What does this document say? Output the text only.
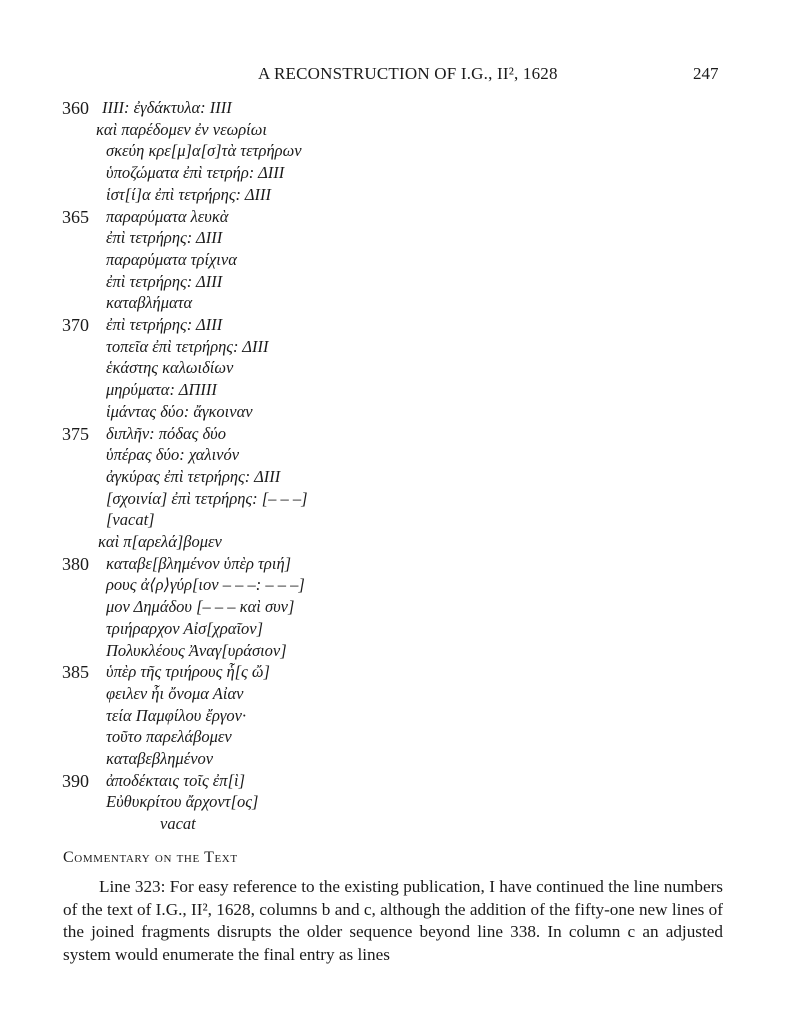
A RECONSTRUCTION OF I.G., II², 1628	247
360 ΙΙΙΙ: ἐγδάκτυλα: ΙΙΙΙ
καὶ παρέδομεν ἐν νεωρίωι
σκεύη κρε[μ]α[σ]τὰ τετρήρων
ὑποζώματα ἐπὶ τετρήρ: ΔΙΙΙ
ἱστ[ί]α ἐπὶ τετρήρης: ΔΙΙΙ
365 παραρύματα λευκὰ
ἐπὶ τετρήρης: ΔΙΙΙ
παραρύματα τρίχινα
ἐπὶ τετρήρης: ΔΙΙΙ
καταβλήματα
370 ἐπὶ τετρήρης: ΔΙΙΙ
τοπεῖα ἐπὶ τετρήρης: ΔΙΙΙ
ἑκάστης καλωιδίων
μηρύματα: ΔΠΙΙΙ
ἱμάντας δύο: ἄγκοιναν
375 διπλῆν: πόδας δύο
ὑπέρας δύο: χαλινόν
ἀγκύρας ἐπὶ τετρήρης: ΔΙΙΙ
[σχοινία] ἐπὶ τετρήρης: [– – –]
[vacat]
καὶ π[αρελά]βομεν
380 καταβε[βλημένον ὑπὲρ τριή]
ρους ἀ⟨ρ⟩γύρ[ιον – – –: – – –]
μον Δημάδου [– – – καὶ συν]
τριήραρχον Αἰσ[χραῖον]
Πολυκλέους Ἀναγ[υράσιον]
385 ὑπὲρ τῆς τριήρους ἧ[ς ὤ]
φειλεν ἧι ὄνομα Αἰαν
τεία Παμφίλου ἔργον·
τοῦτο παρελάβομεν
καταβεβλημένον
390 ἀποδέκταις τοῖς ἐπ[ὶ]
Εὐθυκρίτου ἄρχοντ[ος]
vacat
Commentary on the Text

Line 323: For easy reference to the existing publication, I have continued the line numbers of the text of I.G., II², 1628, columns b and c, although the addition of the fifty-one new lines of the joined fragments disrupts the older sequence beyond line 338. In column c an adjusted system would enumerate the final entry as lines
